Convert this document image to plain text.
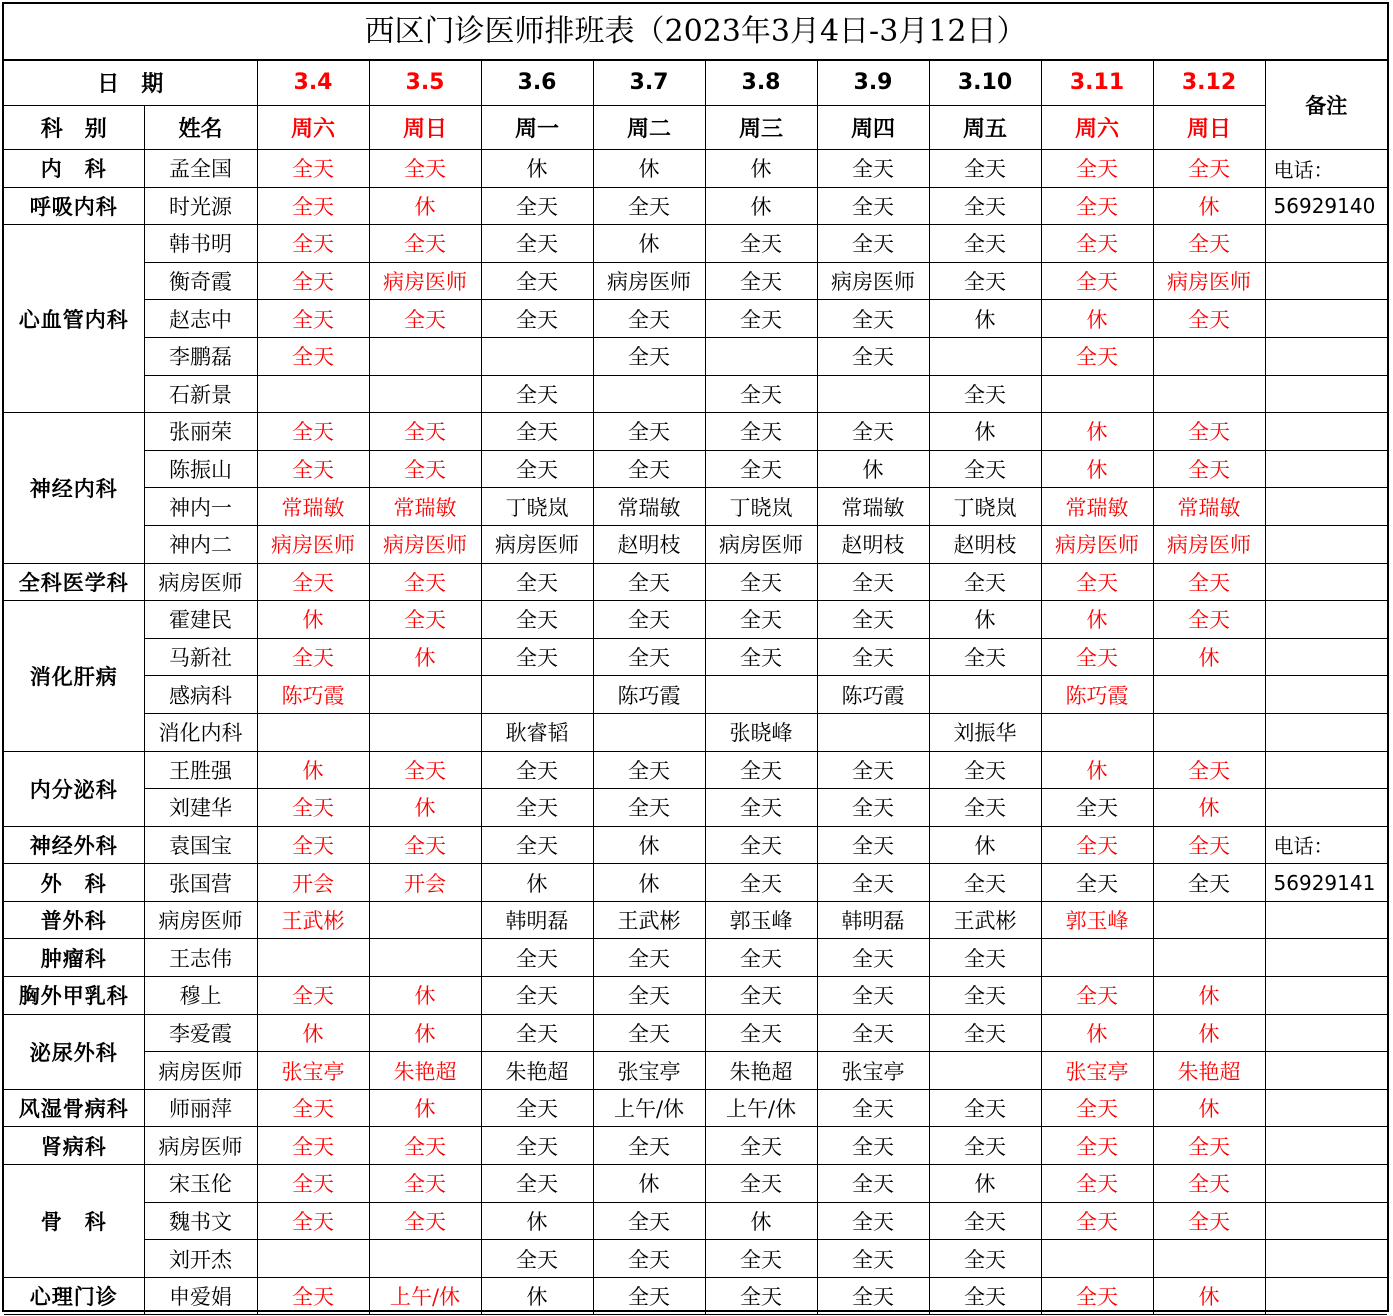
西区门诊医师排班表（2023年3月4日-3月12日）
日　期		3.4	3.5	3.6	3.7	3.8	3.9	3.10	3.11	3.12	备注
科　别	姓名	周六	周日	周一	周二	周三	周四	周五	周六	周日	
内　科	孟全国	全天	全天	休	休	休	全天	全天	全天	全天	电话：
呼吸内科	时光源	全天	休	全天	全天	休	全天	全天	全天	休	56929140
心血管内科	韩书明	全天	全天	全天	休	全天	全天	全天	全天	全天	
	衡奇霞	全天	病房医师	全天	病房医师	全天	病房医师	全天	全天	病房医师	
	赵志中	全天	全天	全天	全天	全天	全天	休	休	全天	
	李鹏磊	全天			全天		全天		全天		
	石新景			全天		全天		全天			
神经内科	张丽荣	全天	全天	全天	全天	全天	全天	休	休	全天	
	陈振山	全天	全天	全天	全天	全天	休	全天	休	全天	
	神内一	常瑞敏	常瑞敏	丁晓岚	常瑞敏	丁晓岚	常瑞敏	丁晓岚	常瑞敏	常瑞敏	
	神内二	病房医师	病房医师	病房医师	赵明枝	病房医师	赵明枝	赵明枝	病房医师	病房医师	
全科医学科	病房医师	全天	全天	全天	全天	全天	全天	全天	全天	全天	
消化肝病	霍建民	休	全天	全天	全天	全天	全天	休	休	全天	
	马新社	全天	休	全天	全天	全天	全天	全天	全天	休	
	感病科	陈巧霞			陈巧霞		陈巧霞		陈巧霞		
	消化内科			耿睿韬		张晓峰		刘振华			
内分泌科	王胜强	休	全天	全天	全天	全天	全天	全天	休	全天	
	刘建华	全天	休	全天	全天	全天	全天	全天	全天	休	
神经外科	袁国宝	全天	全天	全天	休	全天	全天	休	全天	全天	电话：
外　科	张国营	开会	开会	休	休	全天	全天	全天	全天	全天	56929141
普外科	病房医师	王武彬		韩明磊	王武彬	郭玉峰	韩明磊	王武彬	郭玉峰		
肿瘤科	王志伟			全天	全天	全天	全天	全天			
胸外甲乳科	穆上	全天	休	全天	全天	全天	全天	全天	全天	休	
泌尿外科	李爱霞	休	休	全天	全天	全天	全天	全天	休	休	
	病房医师	张宝亭	朱艳超	朱艳超	张宝亭	朱艳超	张宝亭		张宝亭	朱艳超	
风湿骨病科	师丽萍	全天	休	全天	上午/休	上午/休	全天	全天	全天	休	
肾病科	病房医师	全天	全天	全天	全天	全天	全天	全天	全天	全天	
骨　科	宋玉伦	全天	全天	全天	休	全天	全天	休	全天	全天	
	魏书文	全天	全天	休	全天	休	全天	全天	全天	全天	
	刘开杰			全天	全天	全天	全天	全天			
心理门诊	申爱娟	全天	上午/休	休	全天	全天	全天	全天	全天	休	
